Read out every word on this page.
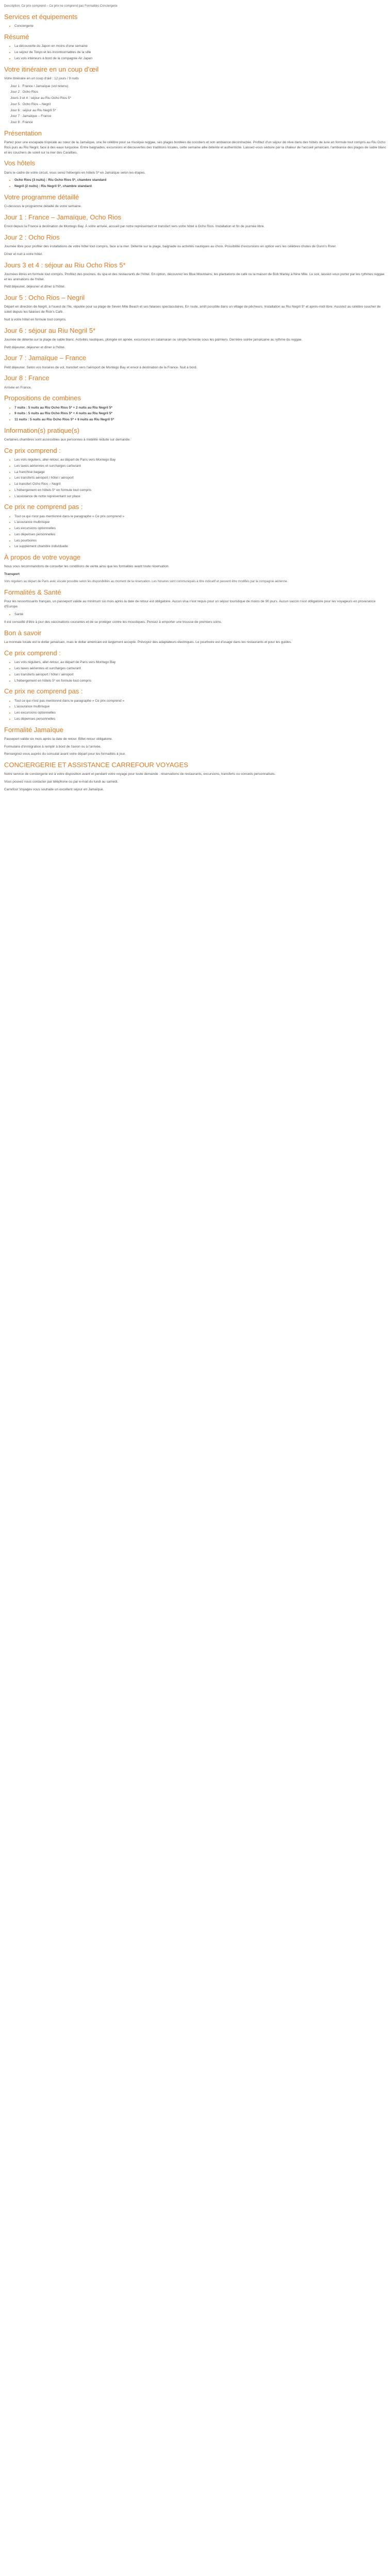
Description: Ce prix comprend – Ce prix ne comprend pas Formalités Conciergerie

Services et équipements
• Conciergerie
Résumé
• La découverte du Japon en moins d'une semaine
• Le séjour de Tokyo et les incontournables de la ville
• Les vols intérieurs à bord de la compagnie Air Japan
Votre itinéraire en un coup d'œil

Votre itinéraire en un coup d'œil : 12 jours / 9 nuits

Jour 1 : France / Jamaïque (vol retenu)
Jour 2 : Ocho Rios
Jours 3 et 4 : séjour au Riu Ocho Rios 5*
Jour 5 : Ocho Rios – Negril
Jour 6 : séjour au Riu Negril 5*
Jour 7 : Jamaïque – France
Jour 8 : France
Présentation

Partez pour une escapade tropicale au cœur de la Jamaïque, une île célèbre pour sa musique reggae, ses plages bordées de cocotiers et son ambiance décontractée. Profitez d'un séjour de rêve dans des hôtels de luxe en formule tout compris au Riu Ocho Rios puis au Riu Negril, face à des eaux turquoise. Entre baignades, excursions et découvertes des traditions locales, cette semaine allie détente et authenticité. Laissez-vous séduire par la chaleur de l'accueil jamaïcain, l'ambiance des plages de sable blanc et les couchers de soleil sur la mer des Caraïbes.

Vos hôtels

Dans le cadre de votre circuit, vous serez hébergés en hôtels 5* en Jamaïque selon les étapes.

• Ocho Rios (3 nuits) : Riu Ocho Rios 5*, chambre standard
• Negril (2 nuits) : Riu Negril 5*, chambre standard
Votre programme détaillé

Ci-dessous le programme détaillé de votre semaine.

Jour 1 : France – Jamaïque, Ocho Rios

Envol depuis la France à destination de Montego Bay. À votre arrivée, accueil par notre représentant et transfert vers votre hôtel à Ocho Rios. Installation et fin de journée libre.

Jour 2 : Ocho Rios

Journée libre pour profiter des installations de votre hôtel tout compris, face à la mer. Détente sur la plage, baignade ou activités nautiques au choix. Possibilité d'excursions en option vers les célèbres chutes de Dunn's River.

Dîner et nuit à votre hôtel.

Jours 3 et 4 : séjour au Riu Ocho Rios 5*

Journées libres en formule tout compris. Profitez des piscines, du spa et des restaurants de l'hôtel. En option, découvrez les Blue Mountains, les plantations de café ou la maison de Bob Marley à Nine Mile. Le soir, laissez-vous porter par les rythmes reggae et les animations de l'hôtel.

Petit déjeuner, déjeuner et dîner à l'hôtel.

Jour 5 : Ocho Rios – Negril

Départ en direction de Negril, à l'ouest de l'île, réputée pour sa plage de Seven Mile Beach et ses falaises spectaculaires. En route, arrêt possible dans un village de pêcheurs. Installation au Riu Negril 5* et après-midi libre. Assistez au célèbre coucher de soleil depuis les falaises de Rick's Café.

Nuit à votre hôtel en formule tout compris.

Jour 6 : séjour au Riu Negril 5*

Journée de détente sur la plage de sable blanc. Activités nautiques, plongée en apnée, excursions en catamaran ou simple farniente sous les palmiers. Dernière soirée jamaïcaine au rythme du reggae.

Petit déjeuner, déjeuner et dîner à l'hôtel.

Jour 7 : Jamaïque – France

Petit déjeuner. Selon vos horaires de vol, transfert vers l'aéroport de Montego Bay et envol à destination de la France. Nuit à bord.

Jour 8 : France

Arrivée en France.

Propositions de combines
• 7 nuits : 5 nuits au Riu Ocho Rios 5* + 2 nuits au Riu Negril 5*
• 9 nuits : 5 nuits au Riu Ocho Rios 5* + 4 nuits au Riu Negril 5*
• 11 nuits : 5 nuits au Riu Ocho Rios 5* + 6 nuits au Riu Negril 5*
Information(s) pratique(s)

Certaines chambres sont accessibles aux personnes à mobilité réduite sur demande.

Ce prix comprend :
• Les vols réguliers, aller-retour, au départ de Paris vers Montego Bay
• Les taxes aériennes et surcharges carburant
• La franchise bagage
• Les transferts aéroport / hôtel / aéroport
• Le transfert Ocho Rios – Negril
• L'hébergement en hôtels 5* en formule tout compris
• L'assistance de notre représentant sur place
Ce prix ne comprend pas :
• Tout ce qui n'est pas mentionné dans le paragraphe « Ce prix comprend »
• L'assurance multirisque
• Les excursions optionnelles
• Les dépenses personnelles
• Les pourboires
• Le supplément chambre individuelle
À propos de votre voyage

Nous vous recommandons de consulter les conditions de vente ainsi que les formalités avant toute réservation.

Transport

Vols réguliers au départ de Paris avec escale possible selon les disponibilités au moment de la réservation. Les horaires sont communiqués à titre indicatif et peuvent être modifiés par la compagnie aérienne.

Formalités & Santé

Pour les ressortissants français, un passeport valide au minimum six mois après la date de retour est obligatoire. Aucun visa n'est requis pour un séjour touristique de moins de 90 jours. Aucun vaccin n'est obligatoire pour les voyageurs en provenance d'Europe.

• Santé

Il est conseillé d'être à jour des vaccinations courantes et de se protéger contre les moustiques. Pensez à emporter une trousse de premiers soins.

Bon à savoir

La monnaie locale est le dollar jamaïcain, mais le dollar américain est largement accepté. Prévoyez des adaptateurs électriques. Le pourboire est d'usage dans les restaurants et pour les guides.

Ce prix comprend :
• Les vols réguliers, aller-retour, au départ de Paris vers Montego Bay
• Les taxes aériennes et surcharges carburant
• Les transferts aéroport / hôtel / aéroport
• L'hébergement en hôtels 5* en formule tout compris
Ce prix ne comprend pas :
• Tout ce qui n'est pas mentionné dans le paragraphe « Ce prix comprend »
• L'assurance multirisque
• Les excursions optionnelles
• Les dépenses personnelles
Formalité Jamaïque

Passeport valide six mois après la date de retour. Billet retour obligatoire.

Formulaire d'immigration à remplir à bord de l'avion ou à l'arrivée.

Renseignez-vous auprès du consulat avant votre départ pour les formalités à jour.

CONCIERGERIE ET ASSISTANCE CARREFOUR VOYAGES

Notre service de conciergerie est à votre disposition avant et pendant votre voyage pour toute demande : réservations de restaurants, excursions, transferts ou conseils personnalisés.

Vous pouvez nous contacter par téléphone ou par e-mail du lundi au samedi.

Carrefour Voyages vous souhaite un excellent séjour en Jamaïque.
